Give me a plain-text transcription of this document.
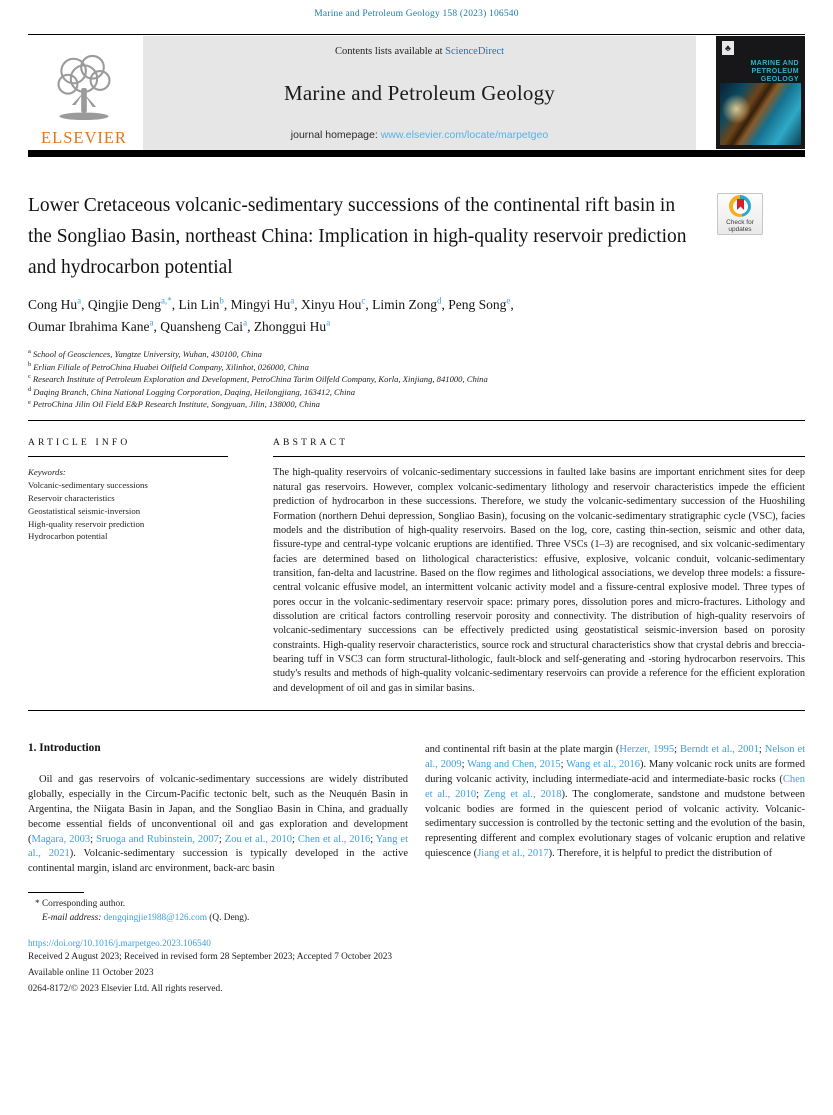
Marine and Petroleum Geology 158 (2023) 106540
ELSEVIER
Contents lists available at ScienceDirect
Marine and Petroleum Geology
journal homepage: www.elsevier.com/locate/marpetgeo
♣
MARINE AND
PETROLEUM
GEOLOGY
Lower Cretaceous volcanic-sedimentary successions of the continental rift basin in the Songliao Basin, northeast China: Implication in high-quality reservoir prediction and hydrocarbon potential
Check for
updates
Cong Hu$^a$, Qingjie Deng$^{a,*}$, Lin Lin$^b$, Mingyi Hu$^a$, Xinyu Hou$^c$, Limin Zong$^d$, Peng Song$^e$,
Oumar Ibrahima Kane$^a$, Quansheng Cai$^a$, Zhonggui Hu$^a$
$^a$ School of Geosciences, Yangtze University, Wuhan, 430100, China
$^b$ Erlian Filiale of PetroChina Huabei Oilfield Company, Xilinhot, 026000, China
$^c$ Research Institute of Petroleum Exploration and Development, PetroChina Tarim Oilfeld Company, Korla, Xinjiang, 841000, China
$^d$ Daqing Branch, China National Logging Corporation, Daqing, Heilongjiang, 163412, China
$^e$ PetroChina Jilin Oil Field E&P Research Institute, Songyuan, Jilin, 138000, China
ARTICLE INFO
Keywords:
Volcanic-sedimentary successions
Reservoir characteristics
Geostatistical seismic-inversion
High-quality reservoir prediction
Hydrocarbon potential
ABSTRACT
The high-quality reservoirs of volcanic-sedimentary successions in faulted lake basins are important enrichment sites for deep natural gas reservoirs. However, complex volcanic-sedimentary lithology and reservoir characteristics impede the efficient prediction of hydrocarbon in these successions. Therefore, we study the volcanic-sedimentary succession of the Huoshiling Formation (northern Dehui depression, Songliao Basin), focusing on the volcanic-sedimentary stratigraphic cycle (VSC), facies models and the distribution of high-quality reservoirs. Based on the log, core, casting thin-section, seismic and other data, fissure-type and central-type volcanic eruptions are identified. Three VSCs (1–3) are recognised, and six volcanic-sedimentary facies are determined based on lithological characteristics: effusive, explosive, volcanic conduit, volcanic-sedimentary transition, fan-delta and lacustrine. Based on the flow regimes and lithological associations, we develop three models: a fissure-central volcanic effusive model, an intermittent volcanic activity model and a fissure-central explosive model. Three types of pores occur in the volcanic-sedimentary reservoir space: primary pores, dissolution pores and micro-fractures. Lithology and dissolution are critical factors controlling reservoir porosity and connectivity. The distribution of high-quality reservoirs of volcanic-sedimentary successions can be effectively predicted using geostatistical seismic-inversion based on porosity constraints. High-quality reservoir characteristics, source rock and structural characteristics show that crystal debris and breccia-bearing tuff in VSC3 can form structural-lithologic, fault-block and self-generating and -storing hydrocarbon reservoirs. This study's results and methods of high-quality volcanic-sedimentary reservoirs can provide a reference for the efficient exploration and development of oil and gas in similar basins.
1. Introduction
Oil and gas reservoirs of volcanic-sedimentary successions are widely distributed globally, especially in the Circum-Pacific tectonic belt, such as the Neuquén Basin in Argentina, the Niigata Basin in Japan, and the Songliao Basin in China, and gradually become essential fields of unconventional oil and gas exploration and development (Magara, 2003; Sruoga and Rubinstein, 2007; Zou et al., 2010; Chen et al., 2016; Yang et al., 2021). Volcanic-sedimentary succession is typically developed in the active continental margin, island arc environment, back-arc basin
and continental rift basin at the plate margin (Herzer, 1995; Berndt et al., 2001; Nelson et al., 2009; Wang and Chen, 2015; Wang et al., 2016). Many volcanic rock units are formed during volcanic activity, including intermediate-acid and intermediate-basic rocks (Chen et al., 2010; Zeng et al., 2018). The conglomerate, sandstone and mudstone between volcanic bodies are formed in the quiescent period of volcanic activity. Volcanic-sedimentary succession is controlled by the tectonic setting and the evolution of the basin, representing different and complex evolutionary stages of volcanic eruption and relative quiescence (Jiang et al., 2017). Therefore, it is helpful to predict the distribution of
* Corresponding author.
E-mail address: dengqingjie1988@126.com (Q. Deng).
https://doi.org/10.1016/j.marpetgeo.2023.106540
Received 2 August 2023; Received in revised form 28 September 2023; Accepted 7 October 2023
Available online 11 October 2023
0264-8172/© 2023 Elsevier Ltd. All rights reserved.
